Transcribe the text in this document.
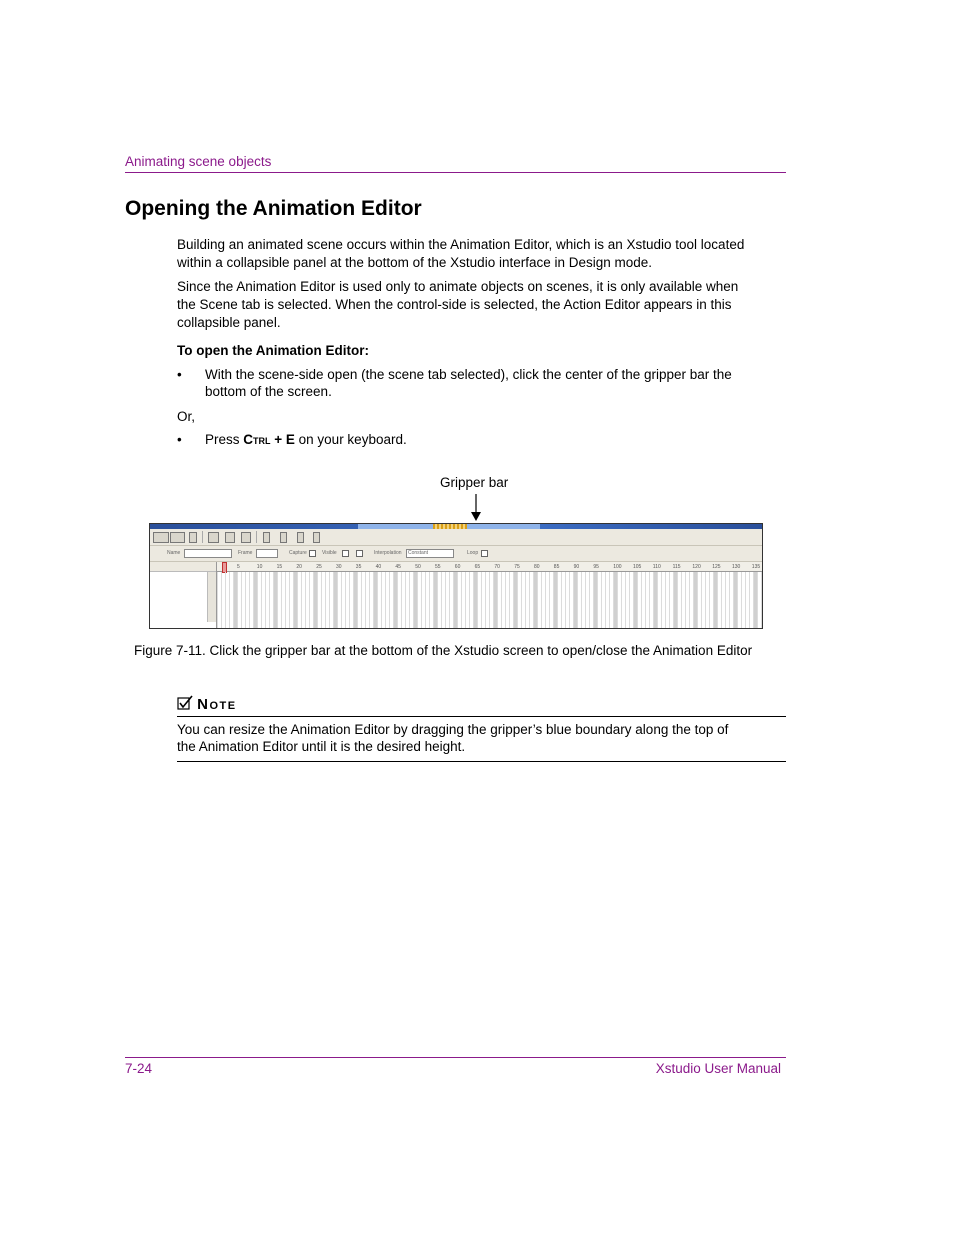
Animating scene objects
Opening the Animation Editor

Building an animated scene occurs within the Animation Editor, which is an Xstudio tool located within a collapsible panel at the bottom of the Xstudio interface in Design mode.

Since the Animation Editor is used only to animate objects on scenes, it is only available when the Scene tab is selected. When the control-side is selected, the Action Editor appears in this collapsible panel.

To open the Animation Editor:

• With the scene-side open (the scene tab selected), click the center of the gripper bar the bottom of the screen.

Or,
• Press Ctrl + E on your keyboard.

Gripper bar
Name	Frame	Capture	Visible	Interpolation Constant	Loop
5	10	15	20	25	30	35	40	45	50	55	60	65	70	75	80	85	90	95	100 105 110 115 120 125 130 135
Figure 7-11. Click the gripper bar at the bottom of the Xstudio screen to open/close the Animation Editor
Note

You can resize the Animation Editor by dragging the gripper’s blue boundary along the top of the Animation Editor until it is the desired height.

7-24	Xstudio User Manual
